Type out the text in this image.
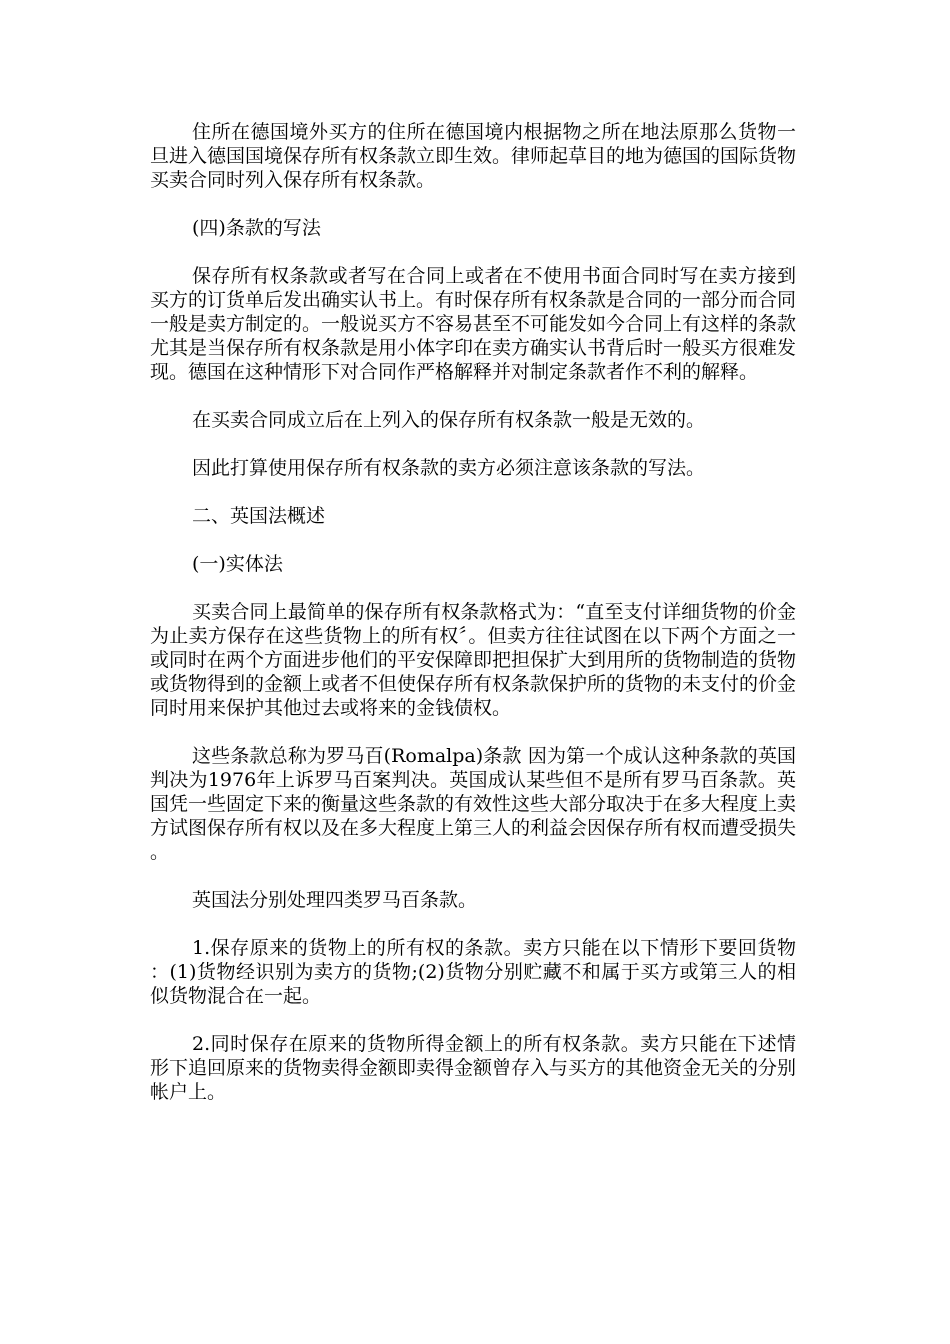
住所在德国境外买方的住所在德国境内根据物之所在地法原那么货物一旦进入德国国境保存所有权条款立即生效。律师起草目的地为德国的国际货物买卖合同时列入保存所有权条款。

(四)条款的写法

保存所有权条款或者写在合同上或者在不使用书面合同时写在卖方接到买方的订货单后发出确实认书上。有时保存所有权条款是合同的一部分而合同一般是卖方制定的。一般说买方不容易甚至不可能发如今合同上有这样的条款尤其是当保存所有权条款是用小体字印在卖方确实认书背后时一般买方很难发现。德国在这种情形下对合同作严格解释并对制定条款者作不利的解释。

在买卖合同成立后在上列入的保存所有权条款一般是无效的。

因此打算使用保存所有权条款的卖方必须注意该条款的写法。

二、英国法概述

(一)实体法

买卖合同上最简单的保存所有权条款格式为：“直至支付详细货物的价金为止卖方保存在这些货物上的所有权〞。但卖方往往试图在以下两个方面之一或同时在两个方面进步他们的平安保障即把担保扩大到用所的货物制造的货物或货物得到的金额上或者不但使保存所有权条款保护所的货物的未支付的价金同时用来保护其他过去或将来的金钱债权。

这些条款总称为罗马百(Romalpa)条款 因为第一个成认这种条款的英国判决为1976年上诉罗马百案判决。英国成认某些但不是所有罗马百条款。英国凭一些固定下来的衡量这些条款的有效性这些大部分取决于在多大程度上卖方试图保存所有权以及在多大程度上第三人的利益会因保存所有权而遭受损失。

英国法分别处理四类罗马百条款。

1.保存原来的货物上的所有权的条款。卖方只能在以下情形下要回货物：(1)货物经识别为卖方的货物;(2)货物分别贮藏不和属于买方或第三人的相似货物混合在一起。

2.同时保存在原来的货物所得金额上的所有权条款。卖方只能在下述情形下追回原来的货物卖得金额即卖得金额曾存入与买方的其他资金无关的分别帐户上。
